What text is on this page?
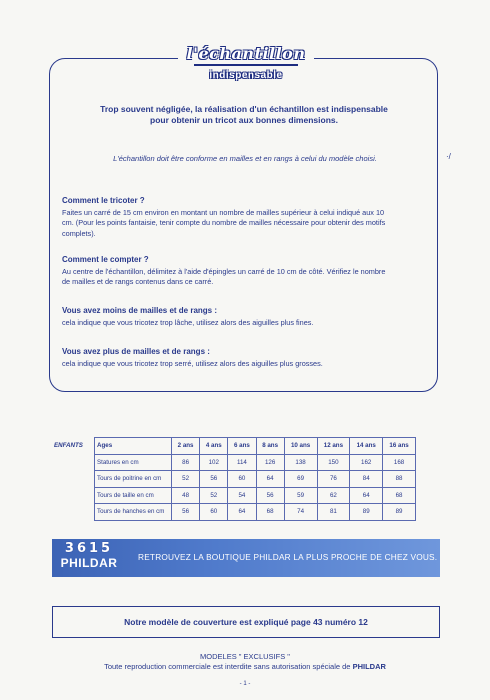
l'échantillon
indispensable
Trop souvent négligée, la réalisation d'un échantillon est indispensable
pour obtenir un tricot aux bonnes dimensions.
L'échantillon doit être conforme en mailles et en rangs à celui du modèle choisi.	·/
Comment le tricoter ?
Faites un carré de 15 cm environ en montant un nombre de mailles supérieur à celui indiqué aux 10
cm. (Pour les points fantaisie, tenir compte du nombre de mailles nécessaire pour obtenir des motifs
complets).
Comment le compter ?
Au centre de l'échantillon, délimitez à l'aide d'épingles un carré de 10 cm de côté. Vérifiez le nombre
de mailles et de rangs contenus dans ce carré.
Vous avez moins de mailles et de rangs :
cela indique que vous tricotez trop lâche, utilisez alors des aiguilles plus fines.
Vous avez plus de mailles et de rangs :
cela indique que vous tricotez trop serré, utilisez alors des aiguilles plus grosses.
ENFANTS	Ages	2 ans	4 ans	6 ans	8 ans	10 ans	12 ans	14 ans	16 ans
	Statures en cm	86	102	114	126	138	150	162	168
	Tours de poitrine en cm	52	56	60	64	69	76	84	88
	Tours de taille en cm	48	52	54	56	59	62	64	68
	Tours de hanches en cm	56	60	64	68	74	81	89	89
3615
PHILDAR	RETROUVEZ LA BOUTIQUE PHILDAR LA PLUS PROCHE DE CHEZ VOUS.
Notre modèle de couverture est expliqué page 43 numéro 12
MODELES " EXCLUSIFS "
Toute reproduction commerciale est interdite sans autorisation spéciale de PHILDAR
- 1 -
